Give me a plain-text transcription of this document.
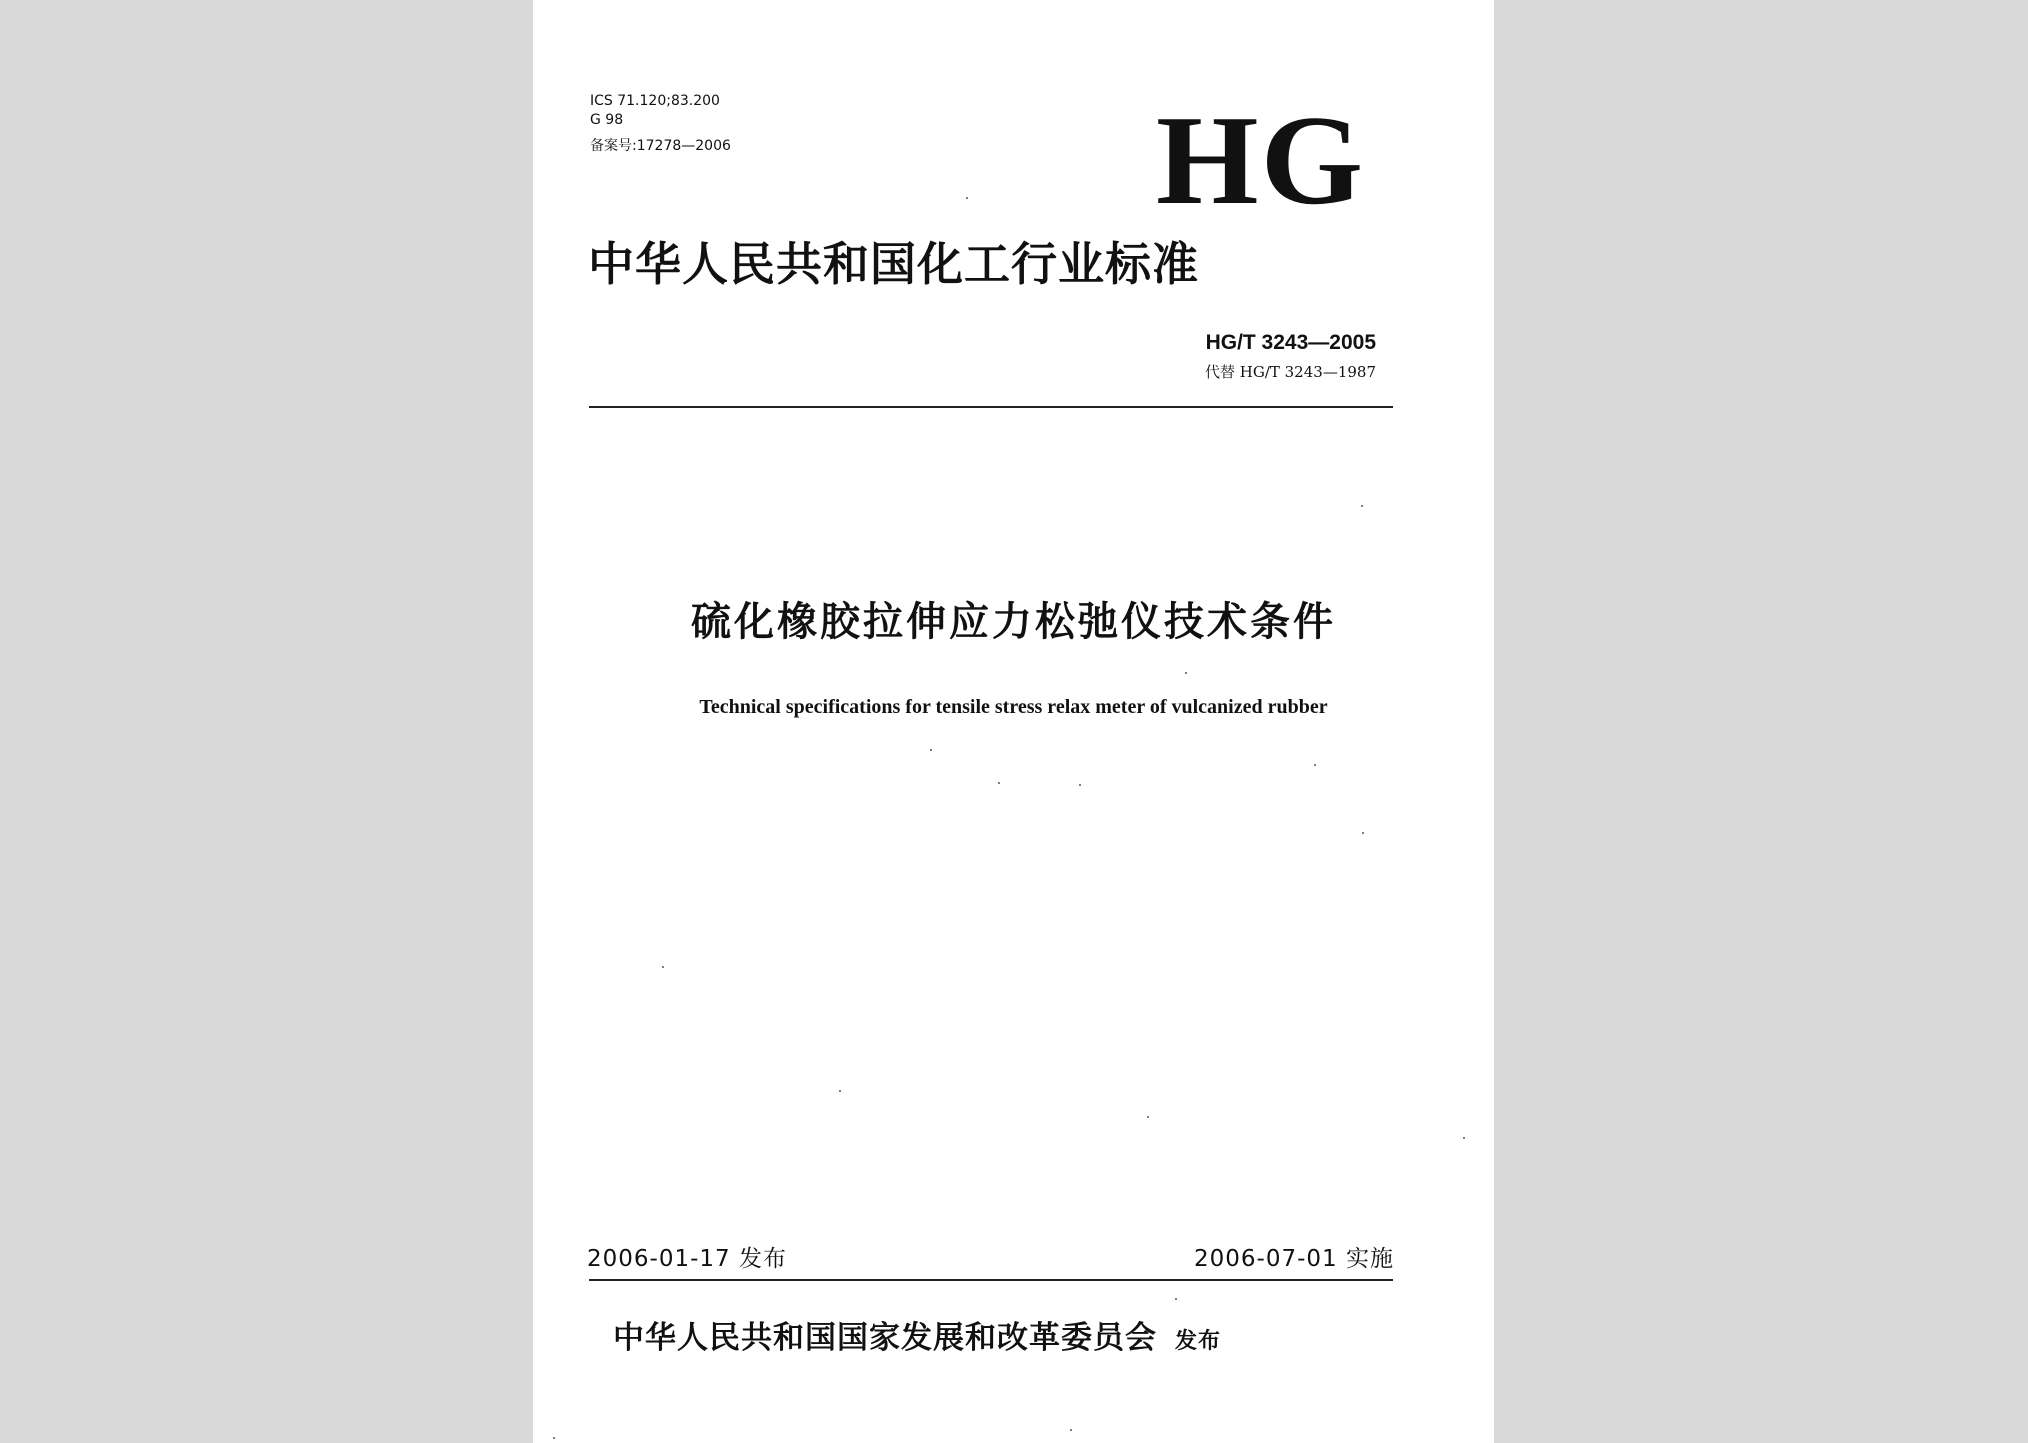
ICS 71.120;83.200
G 98
备案号:17278—2006	HG
中华人民共和国化工行业标准
HG/T 3243—2005
代替 HG/T 3243—1987
硫化橡胶拉伸应力松弛仪技术条件
Technical specifications for tensile stress relax meter of vulcanized rubber
2006-01-17 发布	2006-07-01 实施
中华人民共和国国家发展和改革委员会 发布
